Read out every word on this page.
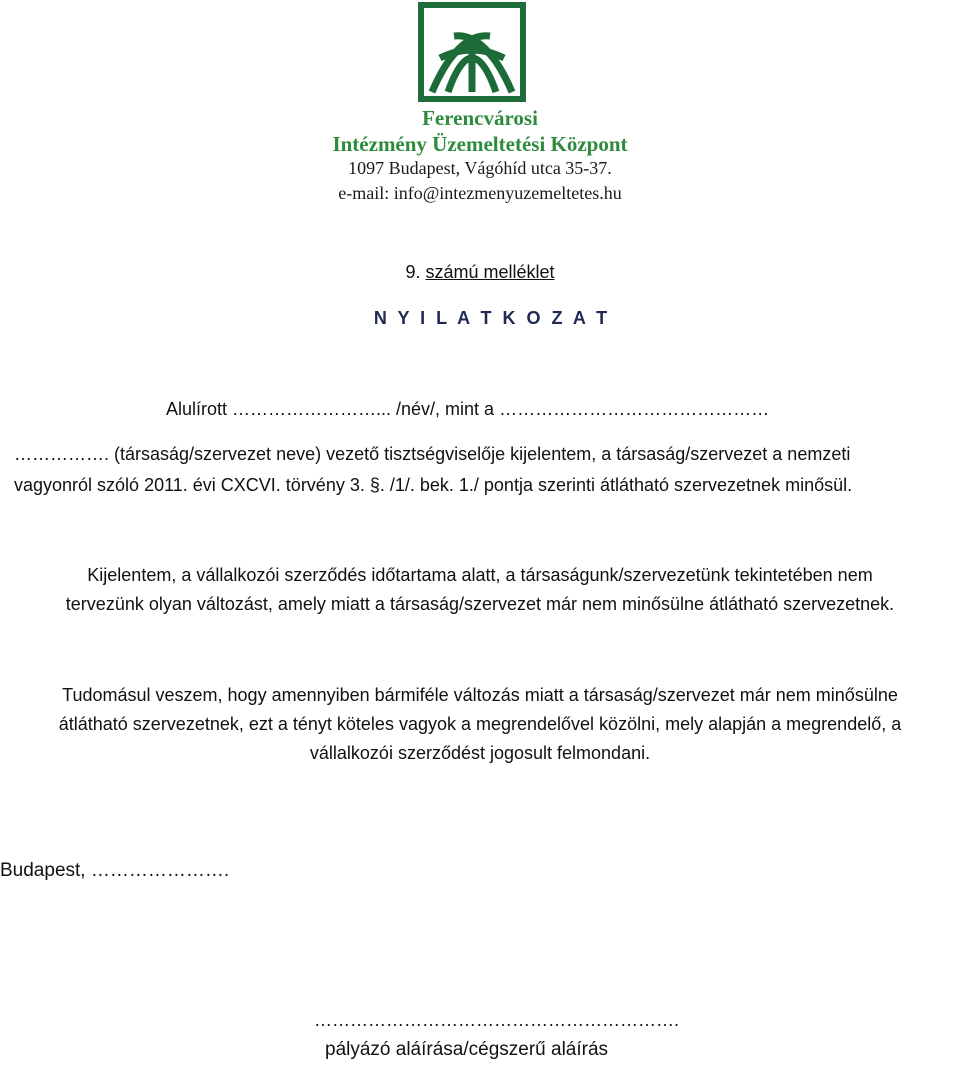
Ferencvárosi
Intézmény Üzemeltetési Központ
1097 Budapest, Vágóhíd utca 35-37.
e-mail: info@intezmenyuzemeltetes.hu
9. számú melléklet
N Y I L A T K O Z A T
Alulírott ……………………... /név/, mint a ………………………………………
……………. (társaság/szervezet neve) vezető tisztségviselője kijelentem, a társaság/szervezet a nemzeti
vagyonról szóló 2011. évi CXCVI. törvény 3. §. /1/. bek. 1./ pontja szerinti átlátható szervezetnek minősül.
Kijelentem, a vállalkozói szerződés időtartama alatt, a társaságunk/szervezetünk tekintetében nem
tervezünk olyan változást, amely miatt a társaság/szervezet már nem minősülne átlátható szervezetnek.
Tudomásul veszem, hogy amennyiben bármiféle változás miatt a társaság/szervezet már nem minősülne
átlátható szervezetnek, ezt a tényt köteles vagyok a megrendelővel közölni, mely alapján a megrendelő, a
vállalkozói szerződést jogosult felmondani.
Budapest, ………………….
…………………………………………………….
pályázó aláírása/cégszerű aláírás
